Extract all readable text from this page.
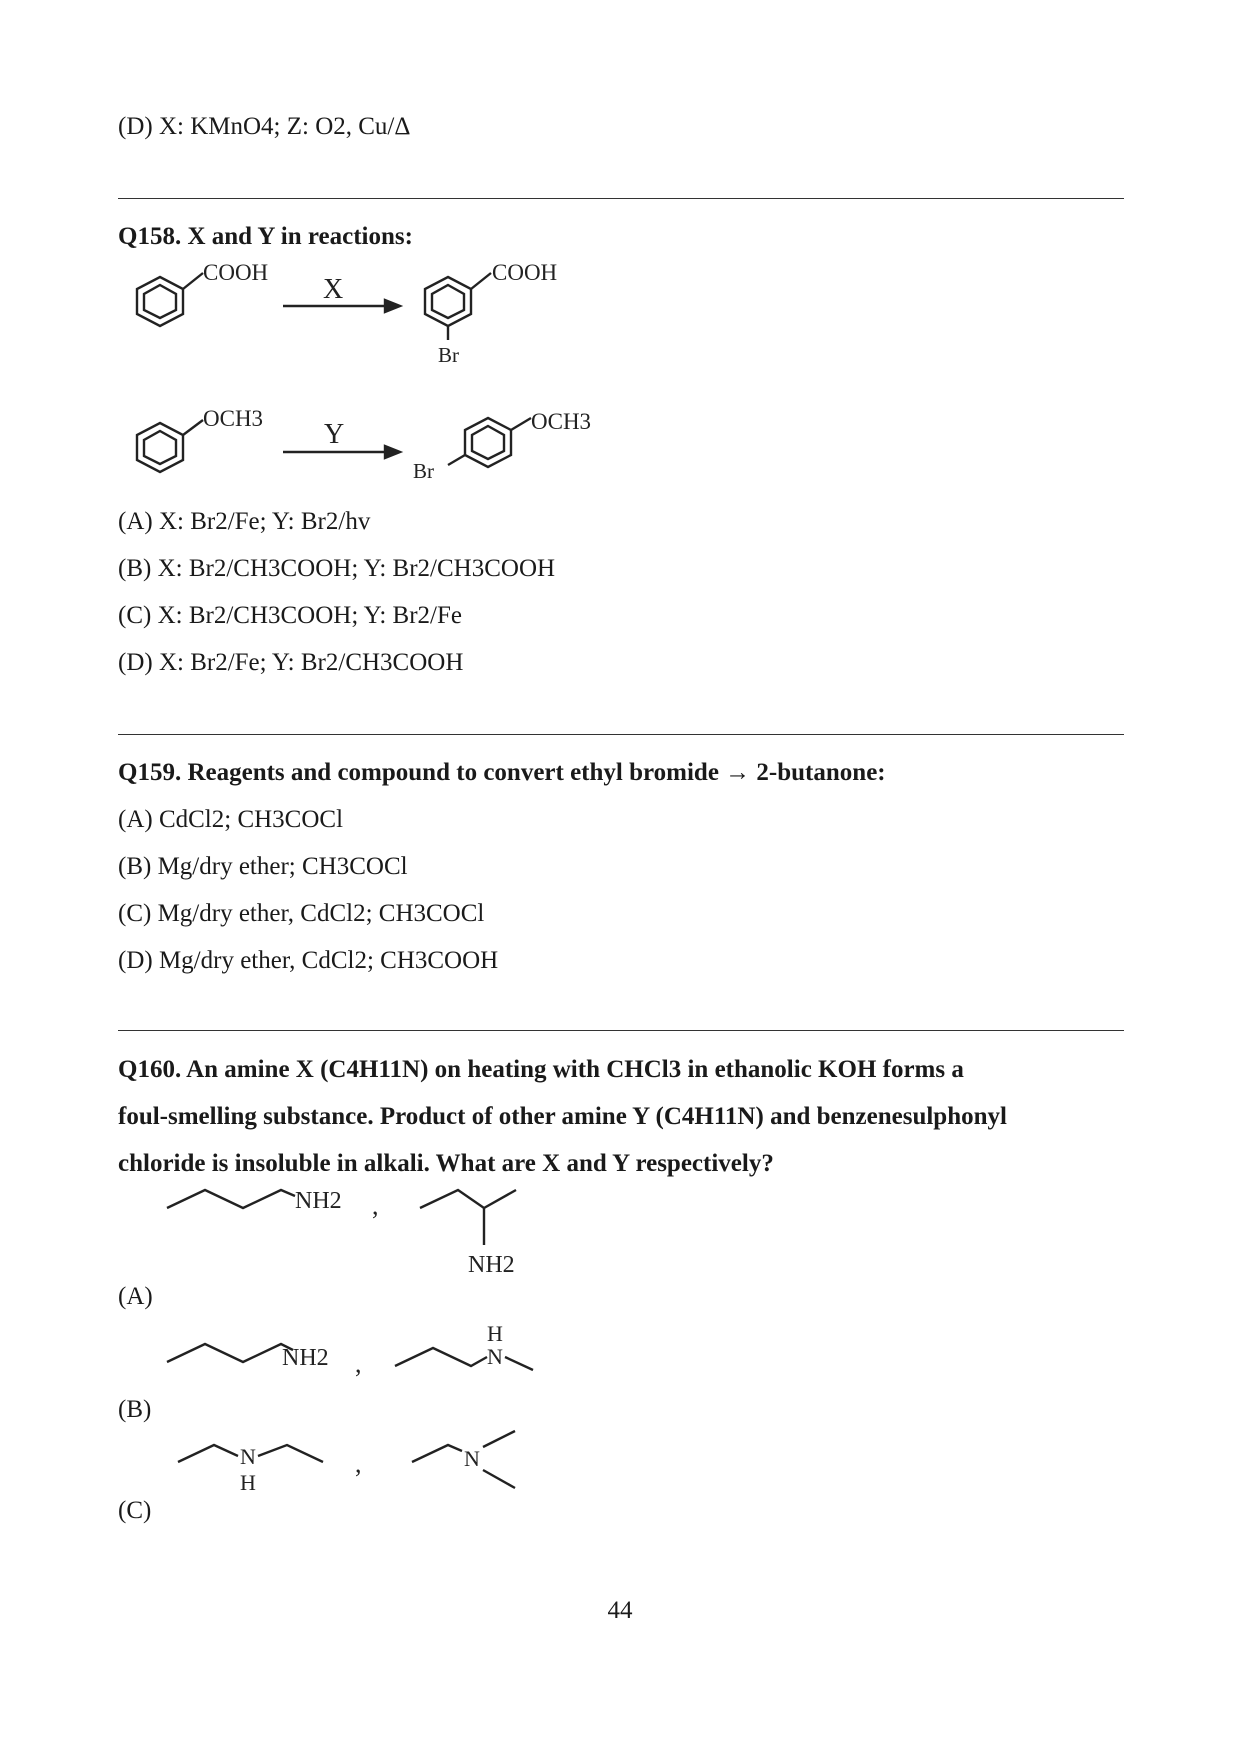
(D) X: KMnO4; Z: O2, Cu/Δ
Q158. X and Y in reactions:
COOH
X
COOH
Br
OCH3
Y
Br
OCH3
NH2 ,
NH2
NH2 ,
H
N
N
H
,	N
(A) X: Br2/Fe; Y: Br2/hv
(B) X: Br2/CH3COOH; Y: Br2/CH3COOH
(C) X: Br2/CH3COOH; Y: Br2/Fe
(D) X: Br2/Fe; Y: Br2/CH3COOH
Q159. Reagents and compound to convert ethyl bromide → 2-butanone:
(A) CdCl2; CH3COCl
(B) Mg/dry ether; CH3COCl
(C) Mg/dry ether, CdCl2; CH3COCl
(D) Mg/dry ether, CdCl2; CH3COOH
Q160. An amine X (C4H11N) on heating with CHCl3 in ethanolic KOH forms a
foul-smelling substance. Product of other amine Y (C4H11N) and benzenesulphonyl
chloride is insoluble in alkali. What are X and Y respectively?
(A)
(B)
(C)
44
